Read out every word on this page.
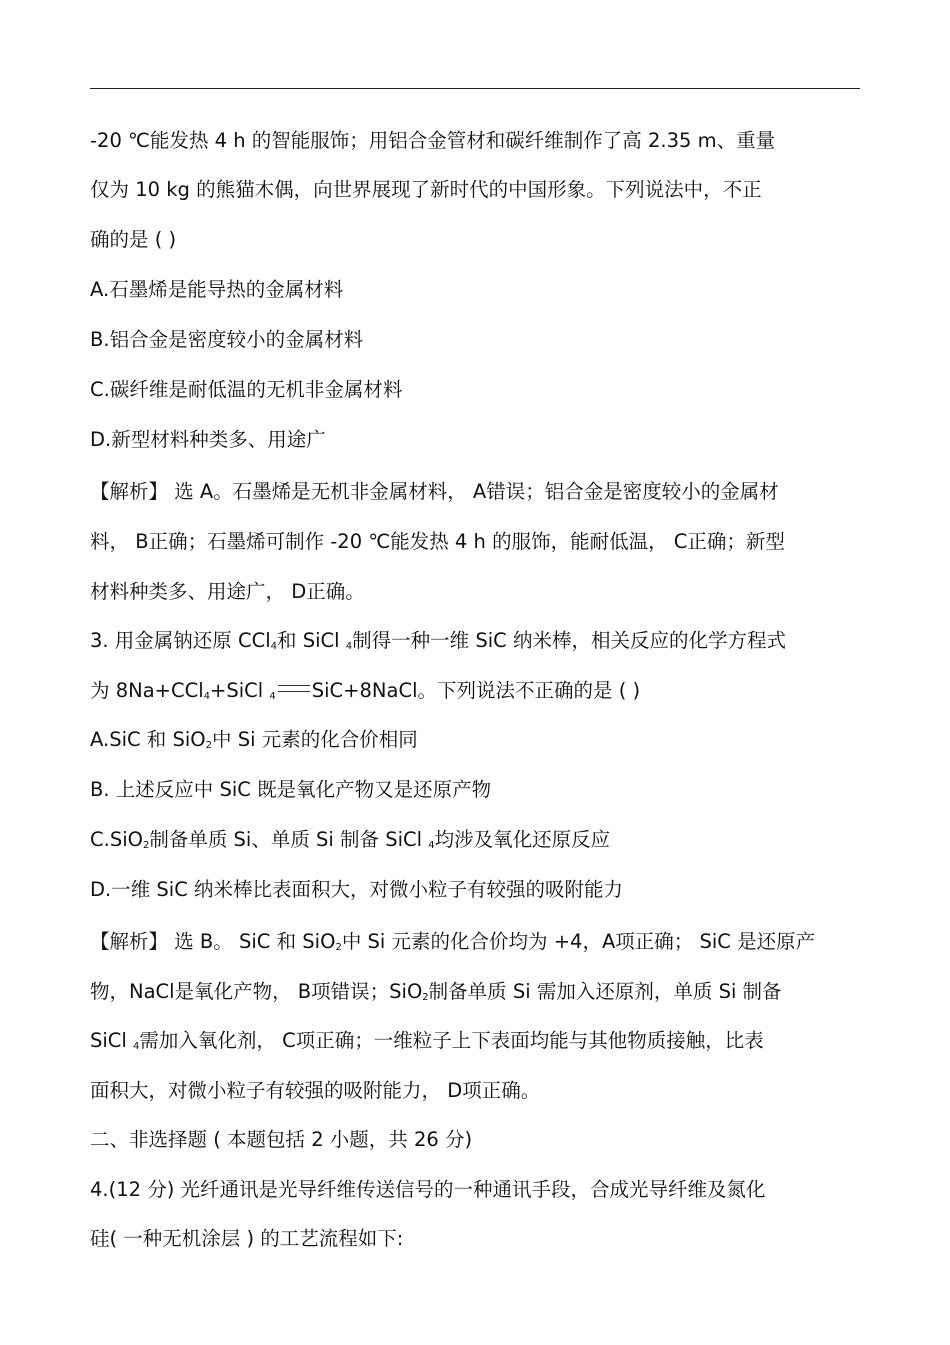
-20 ℃能发热 4 h 的智能服饰；用铝合金管材和碳纤维制作了高 2.35 m、重量
仅为 10 kg 的熊猫木偶，向世界展现了新时代的中国形象。下列说法中，不正
确的是 ( )
A.石墨烯是能导热的金属材料
B.铝合金是密度较小的金属材料
C.碳纤维是耐低温的无机非金属材料
D.新型材料种类多、用途广
【解析】 选 A。石墨烯是无机非金属材料， A错误；铝合金是密度较小的金属材
料， B正确；石墨烯可制作 -20 ℃能发热 4 h 的服饰，能耐低温， C正确；新型
材料种类多、用途广， D正确。
3. 用金属钠还原 CCl$_4$和 SiCl $_4$制得一种一维 SiC 纳米棒，相关反应的化学方程式
为 8Na+CCl$_4$+SiCl $_4$ SiC+8NaCl。下列说法不正确的是 ( )
A.SiC 和 SiO$_2$中 Si 元素的化合价相同
B. 上述反应中 SiC 既是氧化产物又是还原产物
C.SiO$_2$制备单质 Si、单质 Si 制备 SiCl $_4$均涉及氧化还原反应
D.一维 SiC 纳米棒比表面积大，对微小粒子有较强的吸附能力
【解析】 选 B。 SiC 和 SiO$_2$中 Si 元素的化合价均为 +4，A项正确； SiC 是还原产
物，NaCl是氧化产物， B项错误；SiO$_2$制备单质 Si 需加入还原剂，单质 Si 制备
SiCl $_4$需加入氧化剂， C项正确；一维粒子上下表面均能与其他物质接触，比表
面积大，对微小粒子有较强的吸附能力， D项正确。
二、非选择题 ( 本题包括 2 小题，共 26 分)
4.(12 分) 光纤通讯是光导纤维传送信号的一种通讯手段，合成光导纤维及氮化
硅( 一种无机涂层 ) 的工艺流程如下:
